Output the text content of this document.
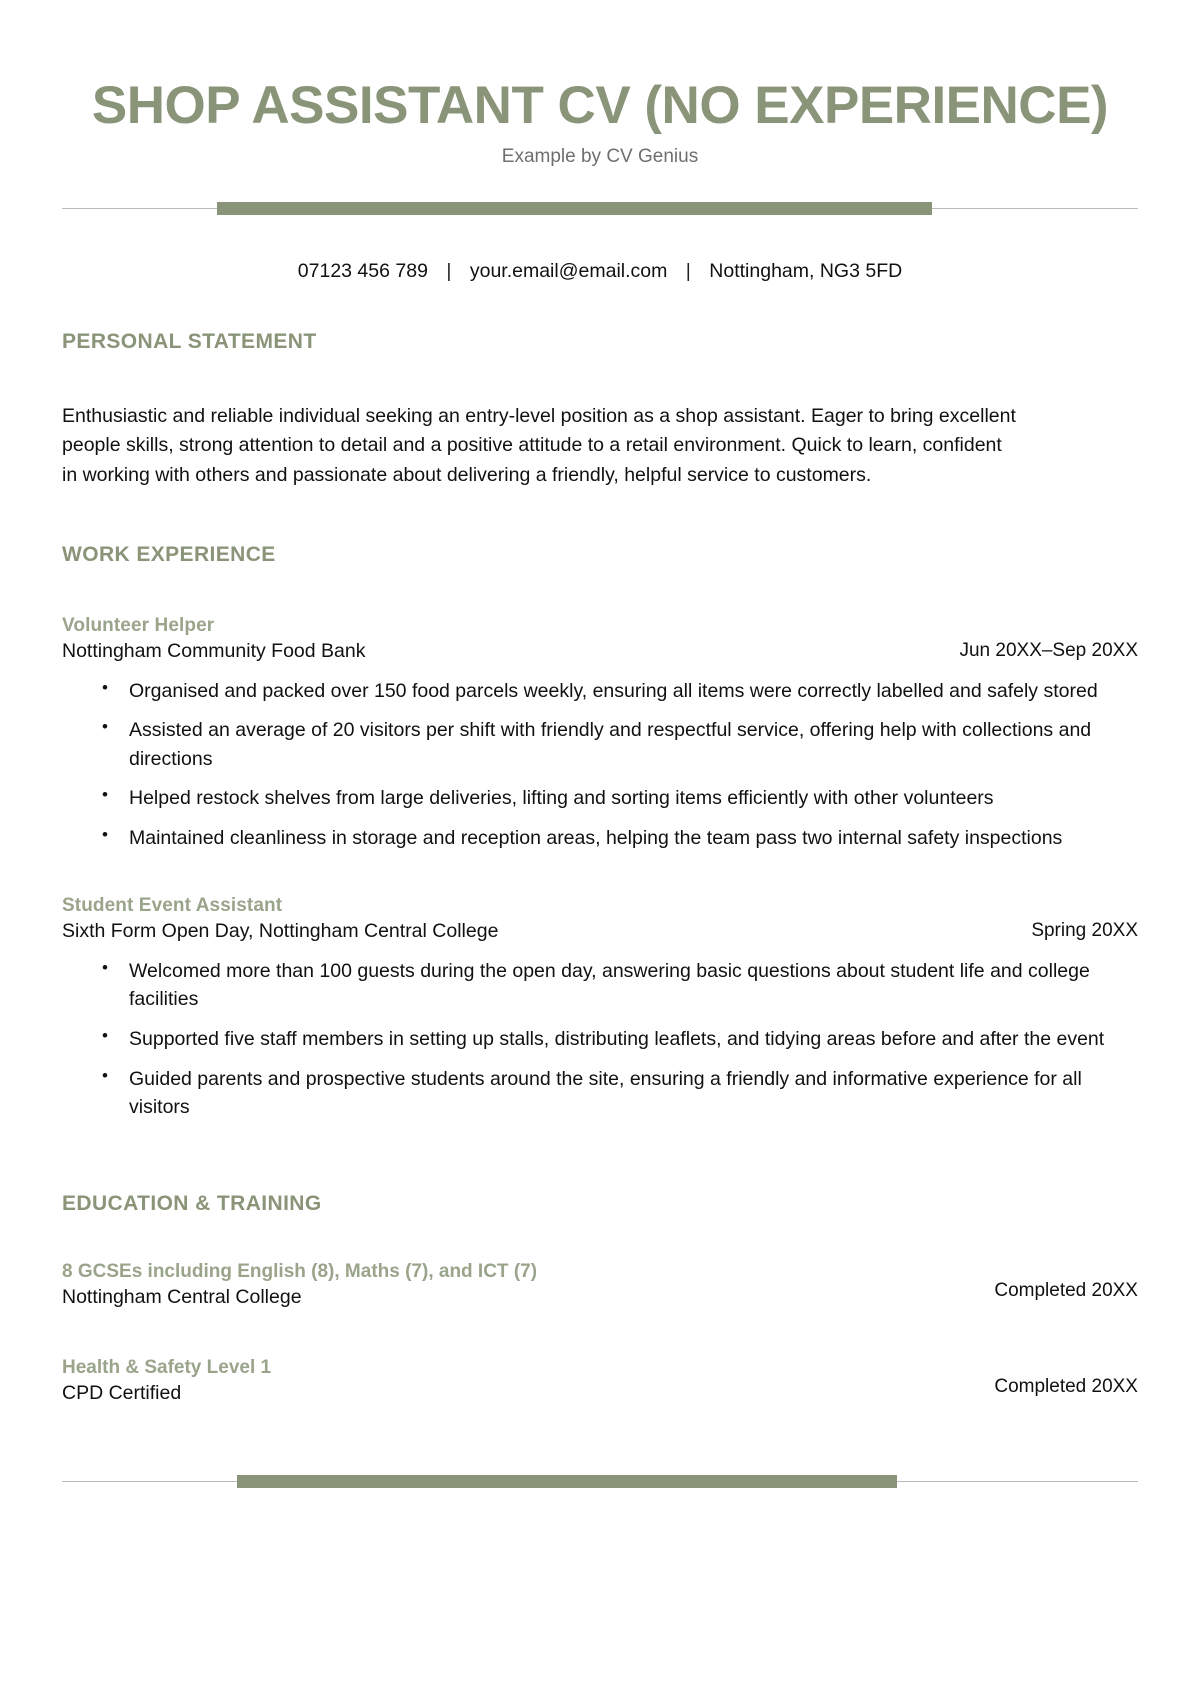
SHOP ASSISTANT CV (NO EXPERIENCE)
Example by CV Genius
07123 456 789 | your.email@email.com | Nottingham, NG3 5FD
PERSONAL STATEMENT
Enthusiastic and reliable individual seeking an entry-level position as a shop assistant. Eager to bring excellent people skills, strong attention to detail and a positive attitude to a retail environment. Quick to learn, confident in working with others and passionate about delivering a friendly, helpful service to customers.
WORK EXPERIENCE
Volunteer Helper
Nottingham Community Food Bank	Jun 20XX–Sep 20XX
• Organised and packed over 150 food parcels weekly, ensuring all items were correctly labelled and safely stored
• Assisted an average of 20 visitors per shift with friendly and respectful service, offering help with collections and directions
• Helped restock shelves from large deliveries, lifting and sorting items efficiently with other volunteers
• Maintained cleanliness in storage and reception areas, helping the team pass two internal safety inspections
Student Event Assistant
Sixth Form Open Day, Nottingham Central College	Spring 20XX
• Welcomed more than 100 guests during the open day, answering basic questions about student life and college facilities
• Supported five staff members in setting up stalls, distributing leaflets, and tidying areas before and after the event
• Guided parents and prospective students around the site, ensuring a friendly and informative experience for all visitors
EDUCATION & TRAINING
8 GCSEs including English (8), Maths (7), and ICT (7)
Nottingham Central College	Completed 20XX
Health & Safety Level 1
CPD Certified	Completed 20XX
